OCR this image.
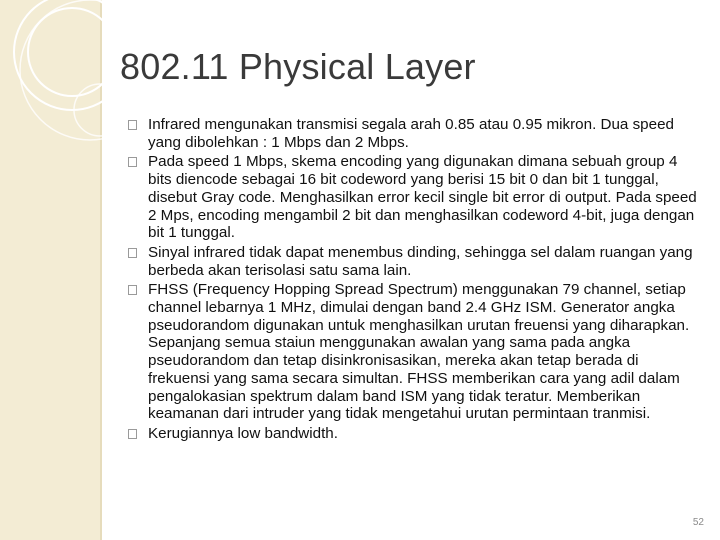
802.11 Physical Layer
Infrared mengunakan transmisi segala arah 0.85 atau 0.95 mikron. Dua speed yang dibolehkan : 1 Mbps dan 2 Mbps.
Pada speed 1 Mbps, skema encoding yang digunakan dimana sebuah group 4 bits diencode sebagai 16 bit codeword yang berisi 15 bit 0 dan bit 1 tunggal, disebut Gray code. Menghasilkan error kecil single bit error di output. Pada speed 2 Mps, encoding mengambil 2 bit dan menghasilkan codeword 4-bit, juga dengan bit 1 tunggal.
Sinyal infrared tidak dapat menembus dinding, sehingga sel dalam ruangan yang berbeda akan terisolasi satu sama lain.
FHSS (Frequency Hopping Spread Spectrum) menggunakan 79 channel, setiap channel lebarnya 1 MHz, dimulai dengan band 2.4 GHz ISM. Generator angka pseudorandom digunakan untuk menghasilkan urutan freuensi yang diharapkan. Sepanjang semua staiun menggunakan awalan yang sama pada angka pseudorandom dan tetap disinkronisasikan, mereka akan tetap berada di frekuensi yang sama secara simultan. FHSS memberikan cara yang adil dalam pengalokasian spektrum dalam band ISM yang tidak teratur. Memberikan keamanan dari intruder yang tidak mengetahui urutan permintaan tranmisi.
Kerugiannya low bandwidth.
52
